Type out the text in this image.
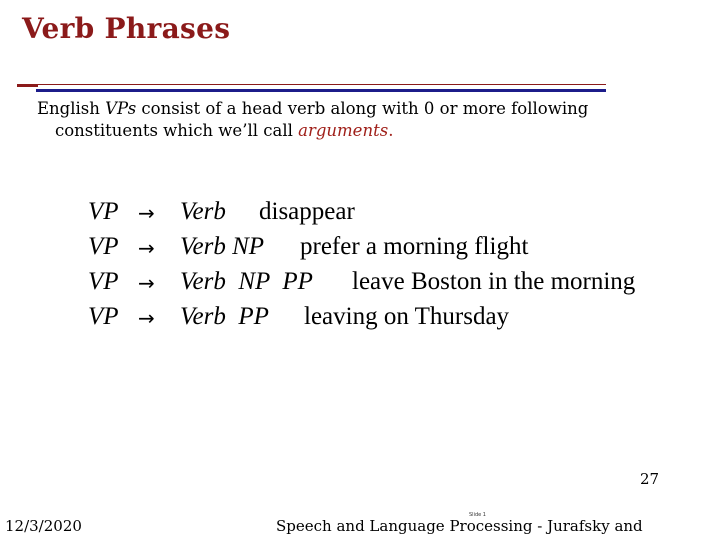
Verb Phrases
English VPs consist of a head verb along with 0 or more following
constituents which we’ll call arguments.
VP → Verb disappear
VP → Verb NP prefer a morning flight
VP → Verb  NP  PP leave Boston in the morning
VP → Verb  PP leaving on Thursday
27
12/3/2020
Slide 1
Speech and Language Processing - Jurafsky and
